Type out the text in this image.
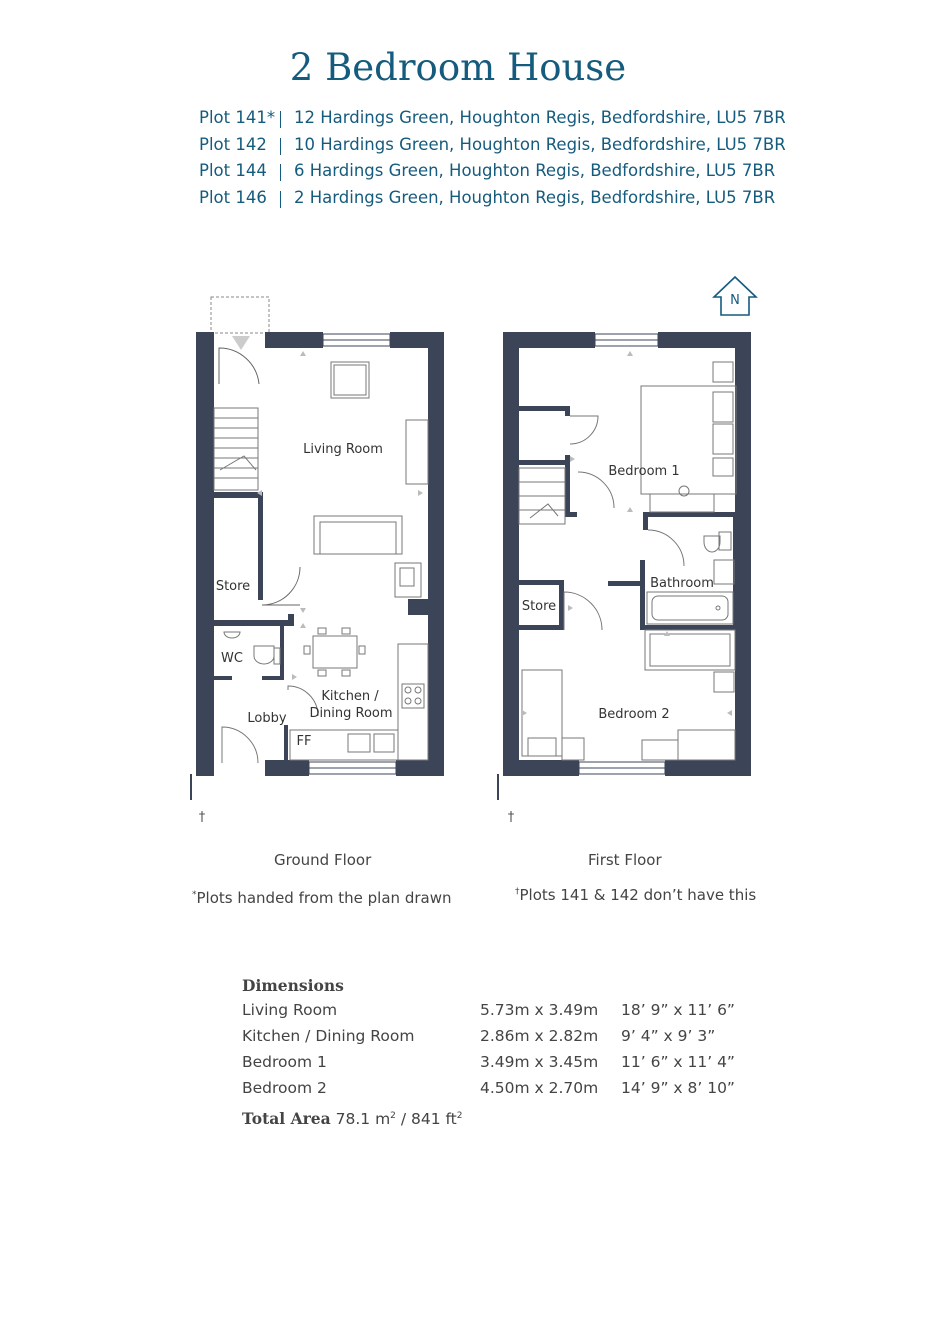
2 Bedroom House
Plot 141* 12 Hardings Green, Houghton Regis, Bedfordshire, LU5 7BR
Plot 142 10 Hardings Green, Houghton Regis, Bedfordshire, LU5 7BR
Plot 144 6 Hardings Green, Houghton Regis, Bedfordshire, LU5 7BR
Plot 146 2 Hardings Green, Houghton Regis, Bedfordshire, LU5 7BR
N
Living Room
Store
WC
Kitchen /
Dining Room
Lobby
FF
†
Bedroom 1
Bathroom
Store
Bedroom 2
†
Ground Floor	First Floor
*Plots handed from the plan drawn	†Plots 141 & 142 don’t have this
Dimensions
Living Room	5.73m x 3.49m 18’ 9” x 11’ 6”
Kitchen / Dining Room	2.86m x 2.82m 9’ 4” x 9’ 3”
Bedroom 1	3.49m x 3.45m 11’ 6” x 11’ 4”
Bedroom 2	4.50m x 2.70m 14’ 9” x 8’ 10”
Total Area 78.1 $m^2 / 841$ $ft^2$
